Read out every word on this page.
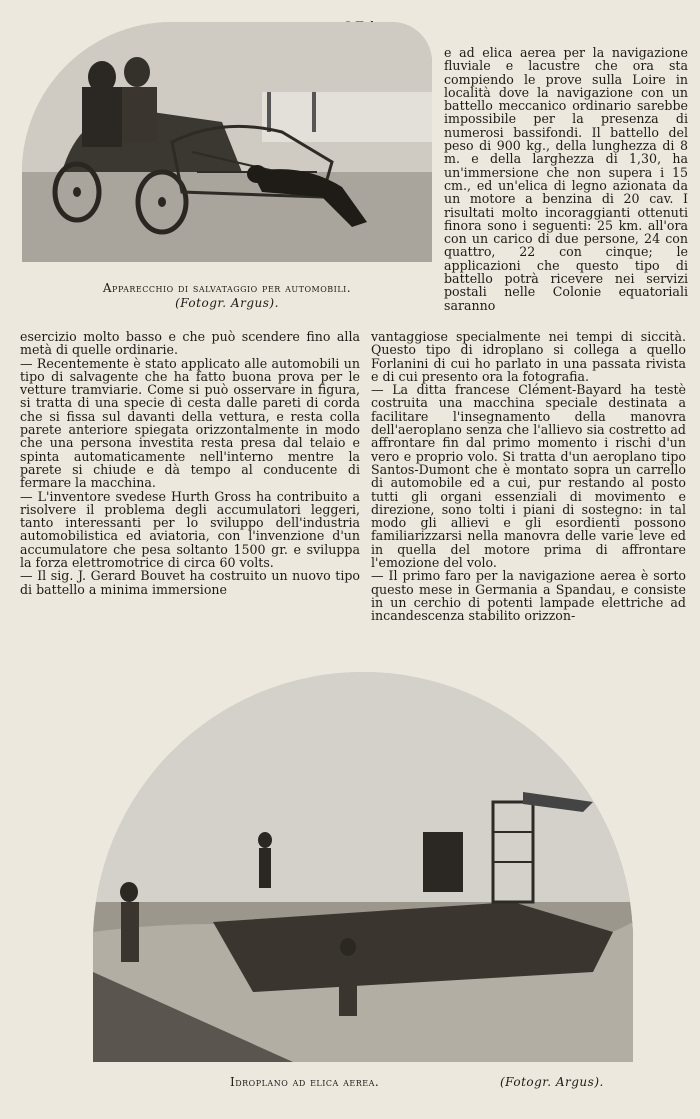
Apparecchio di salvataggio per automobili.
(Fotogr. Argus).

e ad elica aerea per la navigazione fluviale e lacustre che ora sta compiendo le prove sulla Loire in località dove la navigazione con un battello meccanico ordinario sarebbe impossibile per la presenza di numerosi bassifondi. Il battello del peso di 900 kg., della lunghezza di 8 m. e della larghezza di 1,30, ha un'immersione che non supera i 15 cm., ed un'elica di legno azionata da un motore a benzina di 20 cav. I risultati molto incoraggianti ottenuti finora sono i seguenti: 25 km. all'ora con un carico di due persone, 24 con quattro, 22 con cinque; le applicazioni che questo tipo di battello potrà ricevere nei servizi postali nelle Colonie equatoriali saranno

esercizio molto basso e che può scendere fino alla metà di quelle ordinarie.

— Recentemente è stato applicato alle automobili un tipo di salvagente che ha fatto buona prova per le vetture tramviarie. Come si può osservare in figura, si tratta di una specie di cesta dalle pareti di corda che si fissa sul davanti della vettura, e resta colla parete anteriore spiegata orizzontalmente in modo che una persona investita resta presa dal telaio e spinta automaticamente nell'interno mentre la parete si chiude e dà tempo al conducente di fermare la macchina.

— L'inventore svedese Hurth Gross ha contribuito a risolvere il problema degli accumulatori leggeri, tanto interessanti per lo sviluppo dell'industria automobilistica ed aviatoria, con l'invenzione d'un accumulatore che pesa soltanto 1500 gr. e sviluppa la forza elettromotrice di circa 60 volts.

— Il sig. J. Gerard Bouvet ha costruito un nuovo tipo di battello a minima immersione

vantaggiose specialmente nei tempi di siccità. Questo tipo di idroplano si collega a quello Forlanini di cui ho parlato in una passata rivista e di cui presento ora la fotografia.

— La ditta francese Clément-Bayard ha testè costruita una macchina speciale destinata a facilitare l'insegnamento della manovra dell'aeroplano senza che l'allievo sia costretto ad affrontare fin dal primo momento i rischi d'un vero e proprio volo. Si tratta d'un aeroplano tipo Santos-Dumont che è montato sopra un carrello di automobile ed a cui, pur restando al posto tutti gli organi essenziali di movimento e direzione, sono tolti i piani di sostegno: in tal modo gli allievi e gli esordienti possono familiarizzarsi nella manovra delle varie leve ed in quella del motore prima di affrontare l'emozione del volo.

— Il primo faro per la navigazione aerea è sorto questo mese in Germania a Spandau, e consiste in un cerchio di potenti lampade elettriche ad incandescenza stabilito orizzon-

Idroplano ad elica aerea.	(Fotogr. Argus).
